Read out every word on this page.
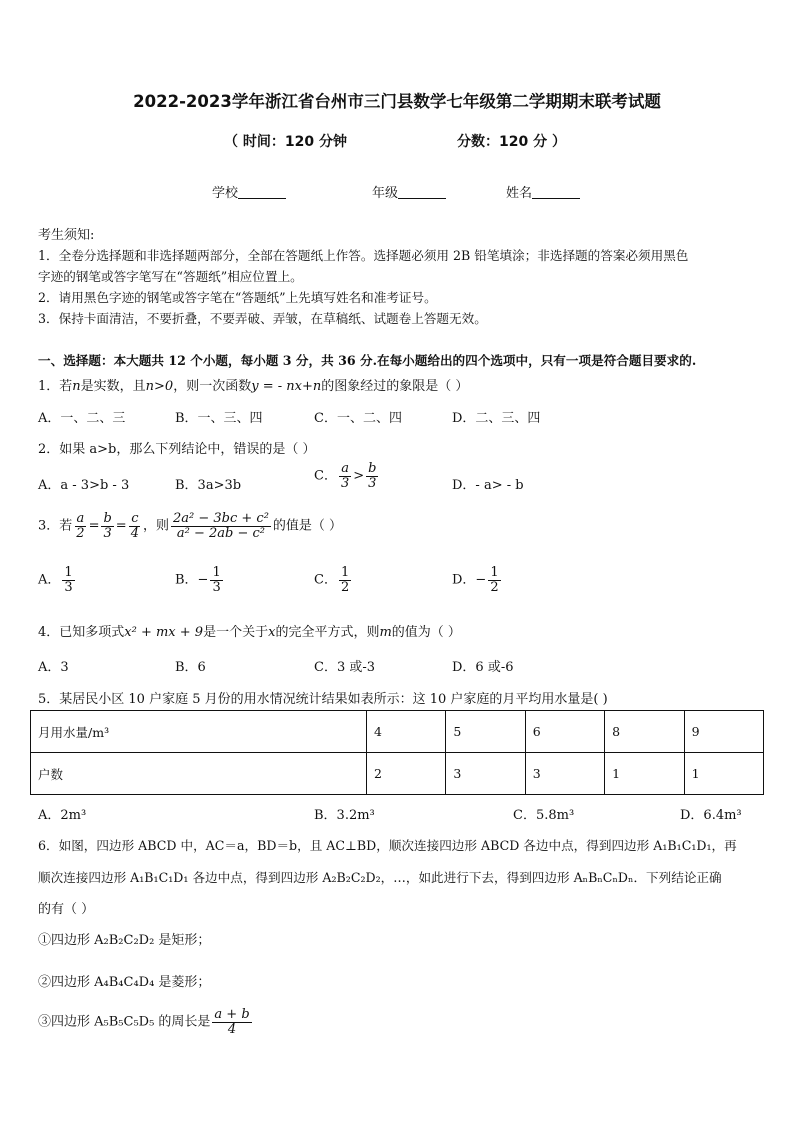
2022-2023学年浙江省台州市三门县数学七年级第二学期期末联考试题
（ 时间：120 分钟	分数：120 分 ）
学校	年级	姓名
考生须知:
1．全卷分选择题和非选择题两部分，全部在答题纸上作答。选择题必须用 2B 铅笔填涂；非选择题的答案必须用黑色
字迹的钢笔或答字笔写在“答题纸”相应位置上。
2．请用黑色字迹的钢笔或答字笔在“答题纸”上先填写姓名和准考证号。
3．保持卡面清洁，不要折叠，不要弄破、弄皱，在草稿纸、试题卷上答题无效。
一、选择题：本大题共 12 个小题，每小题 3 分，共 36 分.在每小题给出的四个选项中，只有一项是符合题目要求的.
1．若n是实数，且n>0，则一次函数y = - nx+n的图象经过的象限是（ ）
A．一、二、三	B．一、三、四	C．一、二、四	D．二、三、四
2．如果 a>b，那么下列结论中，错误的是（ ）
A．a - 3>b - 3	B．3a>3b
C． $\frac{a}{3} > \frac{b}{3}$	D．- a> - b
3．若 $\frac{a}{2} = \frac{b}{3} = \frac{c}{4}$ ，则 $\frac{\text{2a² − 3bc + c²}}{\text{a² − 2ab − c²}}$ 的值是（ ）
A． $\frac{1}{3}$	B．− $\frac{1}{3}$	C． $\frac{1}{2}$	D．− $\frac{1}{2}$
4．已知多项式x² + mx + 9是一个关于x的完全平方式，则m的值为（ ）
A．3	B．6	C．3 或-3	D．6 或-6
5．某居民小区 10 户家庭 5 月份的用水情况统计结果如表所示：这 10 户家庭的月平均用水量是( )
月用水量/m³	4	5	6	8	9
户数	2	3	3	1	1
A．2m³	B．3.2m³	C．5.8m³	D．6.4m³
6．如图，四边形 ABCD 中，AC＝a，BD＝b，且 AC⊥BD，顺次连接四边形 ABCD 各边中点，得到四边形 A₁B₁C₁D₁，再
顺次连接四边形 A₁B₁C₁D₁ 各边中点，得到四边形 A₂B₂C₂D₂，…，如此进行下去，得到四边形 AₙBₙCₙDₙ．下列结论正确
的有（ ）
①四边形 A₂B₂C₂D₂ 是矩形；
②四边形 A₄B₄C₄D₄ 是菱形；
③四边形 A₅B₅C₅D₅ 的周长是 $\frac{a + b}{4}$
